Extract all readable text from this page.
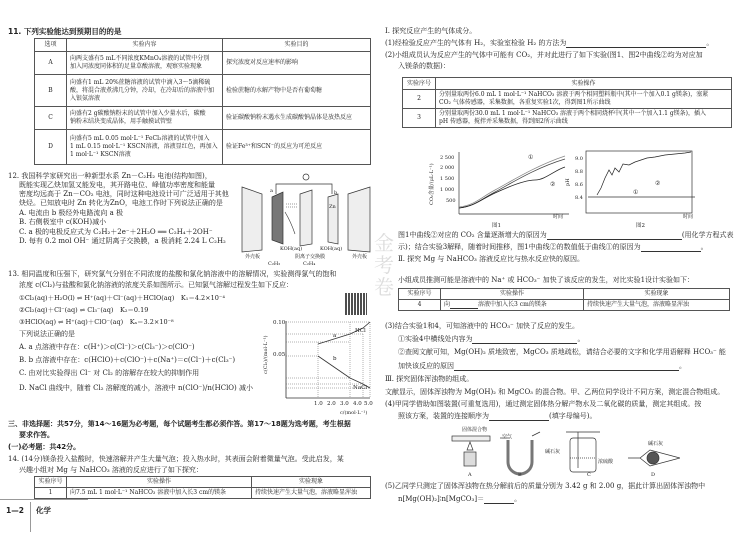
11. 下列实验能达到预期目的的是
选项	实验内容	实验目的
A	向两支盛有5 mL不同浓度KMnO₄溶液的试管中分别
加入同浓度同体积的足量草酸溶液，观察实验现象	探究浓度对反应速率的影响
B	向盛有1 mL 20%蔗糖溶液的试管中滴入3～5滴稀硫
酸，将混合液煮沸几分钟，冷却，在冷却后的溶液中加
入银氨溶液	检验蔗糖的水解产物中是否有葡萄糖
C	向盛有2 g碳酸钠粉末的试管中加入少量水后，碳酸
钠粉末结块变成晶体，用手触摸试管壁	验证碳酸钠粉末遇水生成碳酸钠晶体是放热反应
D	向盛有5 mL 0.05 mol·L⁻¹ FeCl₃溶液的试管中加入
1 mL 0.15 mol·L⁻¹ KSCN溶液，溶液显红色，再加入
1 mol·L⁻¹ KSCN溶液	验证Fe³⁺和SCN⁻的反应为可逆反应
12. 我国科学家研究出一种新型水系 Zn－C₂H₂ 电池(结构如图)，
既能实现乙炔加氢又能发电，其开路电位、峰值功率密度和能量
密度均远高于 Zn－CO₂ 电池，同时这种电池设计可广泛适用于其他
炔烃。已知放电时 Zn 转化为ZnO，电池工作时下列说法正确的是
A. 电流由 b 极经外电路流向 a 极
B. 右侧极室中 c(KOH)减小
C. a 极的电极反应式为 C₂H₂＋2e⁻＋2H₂O ══ C₂H₄＋2OH⁻
D. 每有 0.2 mol OH⁻ 通过阴离子交换膜，a 极消耗 2.24 L C₂H₂
a	b
Zn
KOH(aq)	KOH(aq)
外壳板	阴离子交换膜	外壳板
C₂H₂	C₂H₄
13. 相同温度和压强下，研究氯气分别在不同浓度的盐酸和氯化钠溶液中的溶解情况，实验测得氯气的饱和
浓度 c(Cl₂)与盐酸和氯化钠溶液的浓度关系如图所示。已知氯气溶解过程发生如下反应：
①Cl₂(aq)＋H₂O(l) ⇌ H⁺(aq)＋Cl⁻(aq)＋HClO(aq)　K₁＝4.2×10⁻⁴
②Cl₂(aq)＋Cl⁻(aq) ⇌ Cl₃⁻(aq)　K₂＝0.19
③HClO(aq) ⇌ H⁺(aq)＋ClO⁻(aq)　Kₐ＝3.2×10⁻⁸
下列说法正确的是
A. a 点溶液中存在：c(H⁺)＞c(Cl⁻)＞c(Cl₃⁻)＞c(ClO⁻)
B. b 点溶液中存在：c(HClO)＋c(ClO⁻)＋c(Na⁺)＝c(Cl⁻)＋c(Cl₃⁻)
C. 由对比实验得出 Cl⁻ 对 Cl₂ 的溶解存在较大的抑制作用
D. NaCl 曲线中，随着 Cl₂ 溶解度的减小，溶液中 n(ClO⁻)/n(HClO) 减小
c(Cl₂)/(mol·L⁻¹)
0.10
0.05
1.0 2.0 3.0 4.0 5.0
c/(mol·L⁻¹)
a
b
HCl
NaCl
三、非选择题：共57分，第14～16题为必考题，每个试题考生都必须作答。第17～18题为选考题，考生根据
要求作答。
(一)必考题：共42分。
14. (14分)镁条投入盐酸时，快速溶解并产生大量气泡；投入热水时，其表面会附着微量气泡。受此启发，某
兴趣小组对 Mg 与 NaHCO₃ 溶液的反应进行了如下探究：
实验序号	实验操作	实验现象
1	向7.5 mL 1 mol·L⁻¹ NaHCO₃ 溶液中加入长3 cm的镁条	持续快速产生大量气泡，溶液略显浑浊
1—2 化学
Ⅰ. 探究反应产生的气体成分。
(1)经检验反应产生的气体有 H₂，实验室检验 H₂ 的方法为	。
(2)小组成员认为反应产生的气体中可能有 CO₂，并对此进行了如下实验(图1、图2中曲线②均为对应加
入镁条的数据)：
实验序号	实验操作
2	分别量取两份6.0 mL 1 mol·L⁻¹ NaHCO₃ 溶液于两个相同塑料瓶中(其中一个加入0.1 g镁条)，塞紧
CO₂ 气体传感器，采集数据，各重复实验1次，得到图1所示曲线

3	分别量取两份30.0 mL 1 mol·L⁻¹ NaHCO₃ 溶液于两个相同烧杯中(其中一个加入1.1 g镁条)，插入
pH 传感器，搅拌并采集数据，得到图2所示曲线
CO₂含量/(μL·L⁻¹)
2 500
2 000
1 500
1 000
500
①
②
时间
图1
pH
9.0
8.8
8.6
8.4
①
②
时间
图2
图1中曲线②对应的 CO₂ 含量逐渐增大的原因为	(用化学方程式表
示)；结合实验3解释，随着时间推移，图1中曲线②的数值低于曲线①的原因为	。
Ⅱ. 探究 Mg 与 NaHCO₃ 溶液反应比与热水反应快的原因。
小组成员推测可能是溶液中的 Na⁺ 或 HCO₃⁻ 加快了该反应的发生，对比实验1设计实验如下：
实验序号	实验操作	实验现象
4	向 溶液中加入长3 cm的镁条	持续快速产生大量气泡，溶液略显浑浊
(3)结合实验1和4，可知溶液中的 HCO₃⁻ 加快了反应的发生。
①实验4中横线处内容为	。
②查阅文献可知，Mg(OH)₂ 质地致密，MgCO₃ 质地疏松，请结合必要的文字和化学用语解释 HCO₃⁻ 能
加快该反应的原因	。
Ⅲ. 探究固体浑浊物的组成。
文献显示，固体浑浊物为 Mg(OH)₂ 和 MgCO₃ 的混合物。甲、乙两位同学设计不同方案，测定混合物组成。
(4)甲同学借助如图装置(可重复选用)，通过测定固体热分解产物水及二氧化碳的质量，测定其组成。按
照该方案，装置的连接顺序为	(填字母编号)。
固体混合物
空气
碱石灰
浓硫酸
碱石灰
A	B	C	D
(5)乙同学只测定了固体浑浊物在热分解前后的质量分别为 3.42 g 和 2.00 g，据此计算出固体浑浊物中
n[Mg(OH)₂]∶n[MgCO₃]＝	。
金考卷
